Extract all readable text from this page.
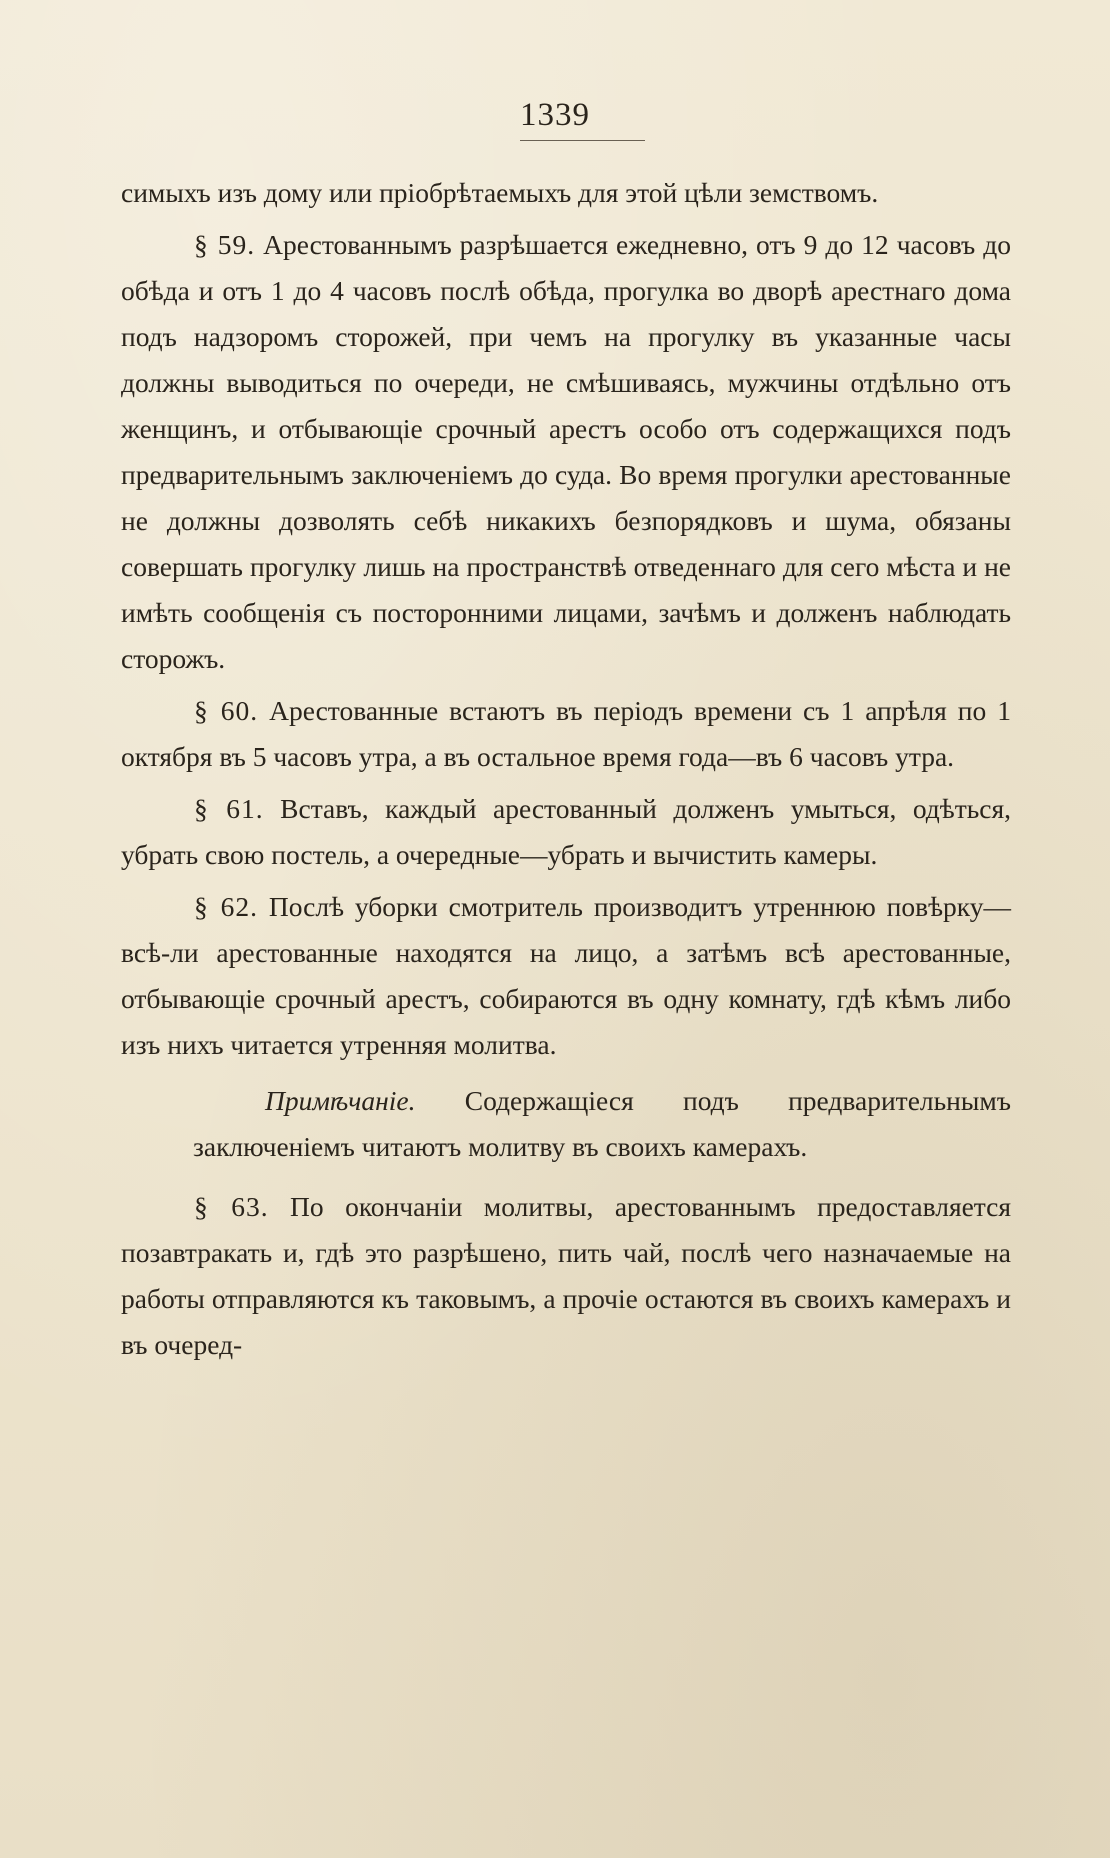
1339

симыхъ изъ дому или пріобрѣтаемыхъ для этой цѣли земствомъ.

§ 59. Арестованнымъ разрѣшается ежедневно, отъ 9 до 12 часовъ до обѣда и отъ 1 до 4 часовъ послѣ обѣда, прогулка во дворѣ арестнаго дома подъ надзоромъ сторожей, при чемъ на прогулку въ указанные часы должны выводиться по очереди, не смѣшиваясь, мужчины отдѣльно отъ женщинъ, и отбывающіе срочный арестъ особо отъ содержащихся подъ предварительнымъ заключеніемъ до суда. Во время прогулки арестованные не должны дозволять себѣ никакихъ безпорядковъ и шума, обязаны совершать прогулку лишь на пространствѣ отведеннаго для сего мѣста и не имѣть сообщенія съ посторонними лицами, зачѣмъ и долженъ наблюдать сторожъ.

§ 60. Арестованные встаютъ въ періодъ времени съ 1 апрѣля по 1 октября въ 5 часовъ утра, а въ остальное время года—въ 6 часовъ утра.

§ 61. Вставъ, каждый арестованный долженъ умыться, одѣться, убрать свою постель, а очередные—убрать и вычистить камеры.

§ 62. Послѣ уборки смотритель производитъ утреннюю повѣрку—всѣ-ли арестованные находятся на лицо, а затѣмъ всѣ арестованные, отбывающіе срочный арестъ, собираются въ одну комнату, гдѣ кѣмъ либо изъ нихъ читается утренняя молитва.

Примѣчаніе. Содержащіеся подъ предварительнымъ заключеніемъ читаютъ молитву въ своихъ камерахъ.

§ 63. По окончаніи молитвы, арестованнымъ предоставляется позавтракать и, гдѣ это разрѣшено, пить чай, послѣ чего назначаемые на работы отправляются къ таковымъ, а прочіе остаются въ своихъ камерахъ и въ очеред-
